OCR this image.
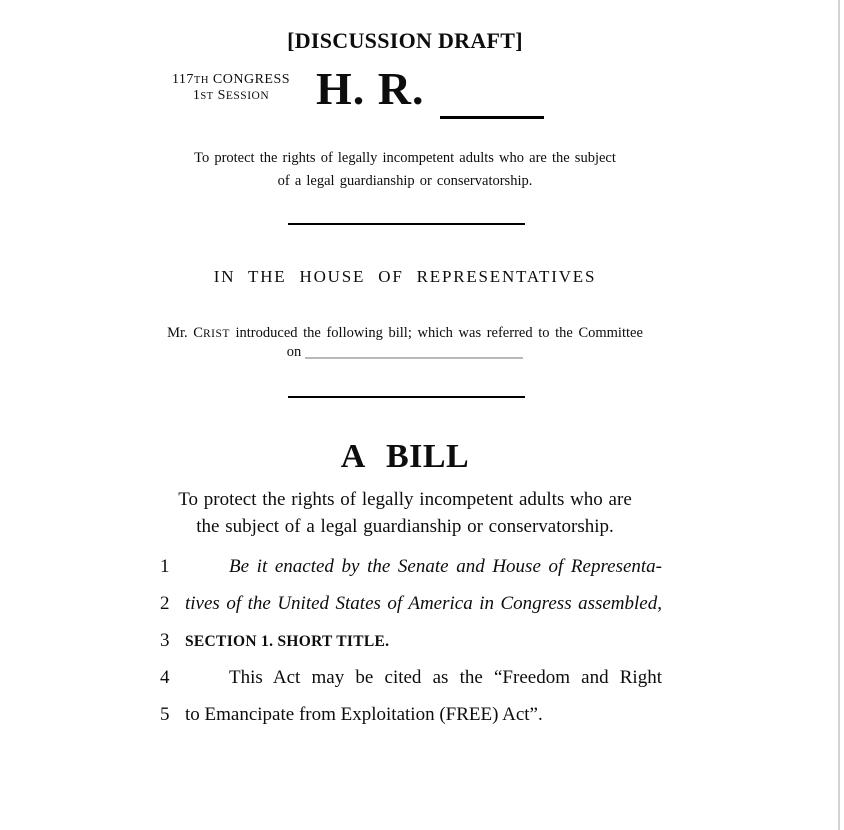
[DISCUSSION DRAFT]
117TH CONGRESS
1ST SESSION	H. R.
To protect the rights of legally incompetent adults who are the subject
of a legal guardianship or conservatorship.
IN THE HOUSE OF REPRESENTATIVES
Mr. CRIST introduced the following bill; which was referred to the Committee
on
A BILL
To protect the rights of legally incompetent adults who are
the subject of a legal guardianship or conservatorship.
1	Be it enacted by the Senate and House of Representa-
2 tives of the United States of America in Congress assembled,
3 SECTION 1. SHORT TITLE.
4	This Act may be cited as the “Freedom and Right
5 to Emancipate from Exploitation (FREE) Act”.
